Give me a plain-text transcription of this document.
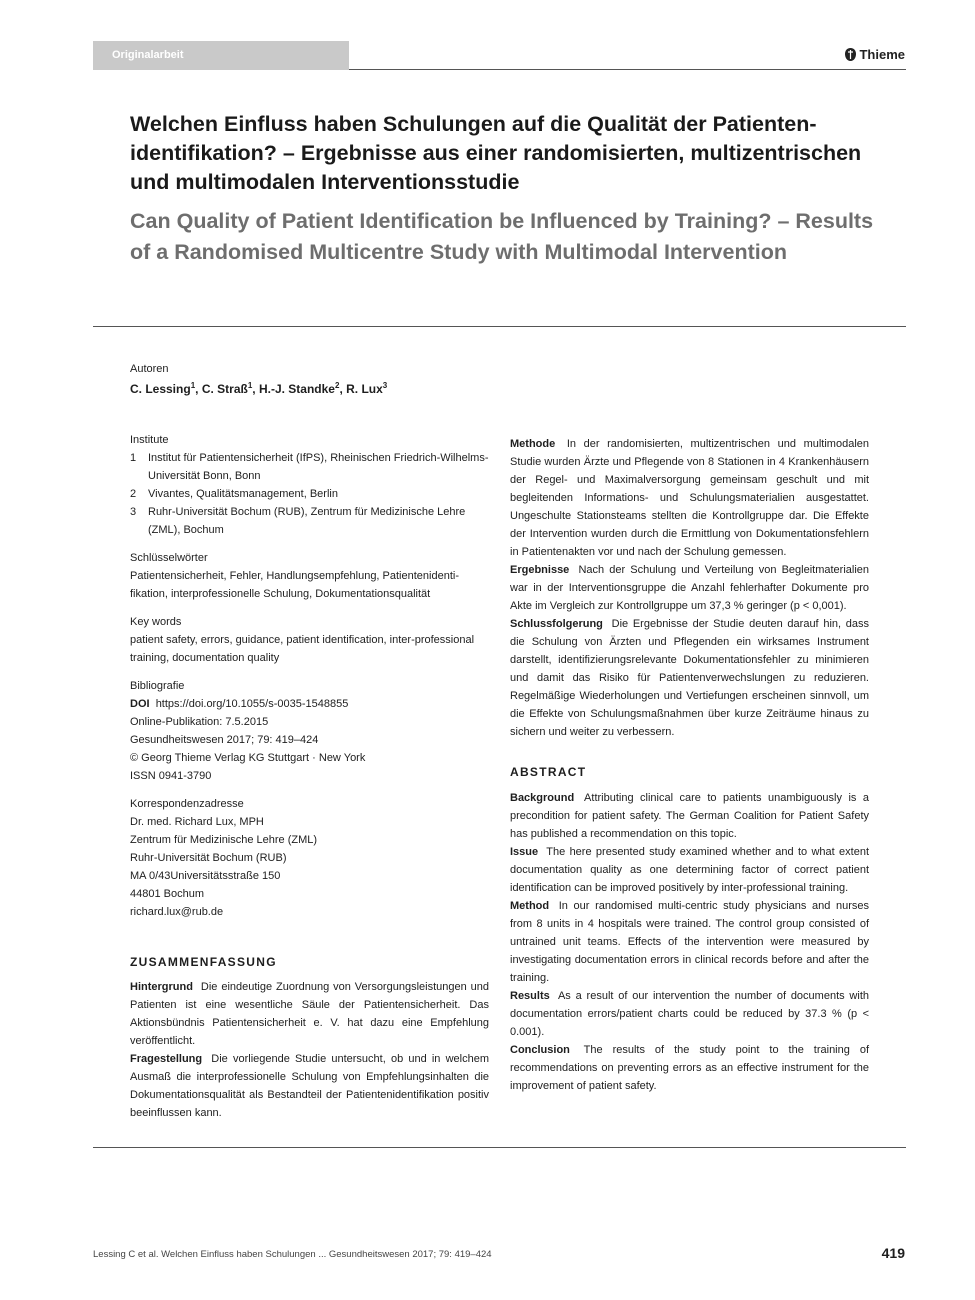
Originalarbeit	Thieme
Welchen Einfluss haben Schulungen auf die Qualität der Patientenidentifikation? – Ergebnisse aus einer randomisierten, multizentrischen und multimodalen Interventionsstudie
Can Quality of Patient Identification be Influenced by Training? – Results of a Randomised Multicentre Study with Multimodal Intervention
Autoren
C. Lessing$^1$, C. Straß$^1$, H.-J. Standke$^2$, R. Lux$^3$
Institute
1	Institut für Patientensicherheit (IfPS), Rheinischen Friedrich-Wilhelms-Universität Bonn, Bonn
2	Vivantes, Qualitätsmanagement, Berlin
3	Ruhr-Universität Bochum (RUB), Zentrum für Medizinische Lehre (ZML), Bochum
Schlüsselwörter
Patientensicherheit, Fehler, Handlungsempfehlung, Patientenidentifikation, interprofessionelle Schulung, Dokumentationsqualität
Key words
patient safety, errors, guidance, patient identification, inter-professional training, documentation quality
Bibliografie
DOI https://doi.org/10.1055/s-0035-1548855
Online-Publikation: 7.5.2015
Gesundheitswesen 2017; 79: 419–424
© Georg Thieme Verlag KG Stuttgart · New York
ISSN 0941-3790
Korrespondenzadresse
Dr. med. Richard Lux, MPH
Zentrum für Medizinische Lehre (ZML)
Ruhr-Universität Bochum (RUB)
MA 0/43Universitätsstraße 150
44801 Bochum
richard.lux@rub.de
ZUSAMMENFASSUNG

Hintergrund Die eindeutige Zuordnung von Versorgungsleistungen und Patienten ist eine wesentliche Säule der Patientensicherheit. Das Aktionsbündnis Patientensicherheit e. V. hat dazu eine Empfehlung veröffentlicht.

Fragestellung Die vorliegende Studie untersucht, ob und in welchem Ausmaß die interprofessionelle Schulung von Empfehlungsinhalten die Dokumentationsqualität als Bestandteil der Patientenidentifikation positiv beeinflussen kann.

Methode In der randomisierten, multizentrischen und multimodalen Studie wurden Ärzte und Pflegende von 8 Stationen in 4 Krankenhäusern der Regel- und Maximalversorgung gemeinsam geschult und mit begleitenden Informations- und Schulungsmaterialien ausgestattet. Ungeschulte Stationsteams stellten die Kontrollgruppe dar. Die Effekte der Intervention wurden durch die Ermittlung von Dokumentationsfehlern in Patientenakten vor und nach der Schulung gemessen.

Ergebnisse Nach der Schulung und Verteilung von Begleitmaterialien war in der Interventionsgruppe die Anzahl fehlerhafter Dokumente pro Akte im Vergleich zur Kontrollgruppe um 37,3 % geringer (p < 0,001).

Schlussfolgerung Die Ergebnisse der Studie deuten darauf hin, dass die Schulung von Ärzten und Pflegenden ein wirksames Instrument darstellt, identifizierungsrelevante Dokumentationsfehler zu minimieren und damit das Risiko für Patientenverwechslungen zu reduzieren. Regelmäßige Wiederholungen und Vertiefungen erscheinen sinnvoll, um die Effekte von Schulungsmaßnahmen über kurze Zeiträume hinaus zu sichern und weiter zu verbessern.

ABSTRACT

Background Attributing clinical care to patients unambiguously is a precondition for patient safety. The German Coalition for Patient Safety has published a recommendation on this topic.

Issue The here presented study examined whether and to what extent documentation quality as one determining factor of correct patient identification can be improved positively by inter-professional training.

Method In our randomised multi-centric study physicians and nurses from 8 units in 4 hospitals were trained. The control group consisted of untrained unit teams. Effects of the intervention were measured by investigating documentation errors in clinical records before and after the training.

Results As a result of our intervention the number of documents with documentation errors/patient charts could be reduced by 37.3 % (p < 0.001).

Conclusion The results of the study point to the training of recommendations on preventing errors as an effective instrument for the improvement of patient safety.

Lessing C et al. Welchen Einfluss haben Schulungen ... Gesundheitswesen 2017; 79: 419–424	419
